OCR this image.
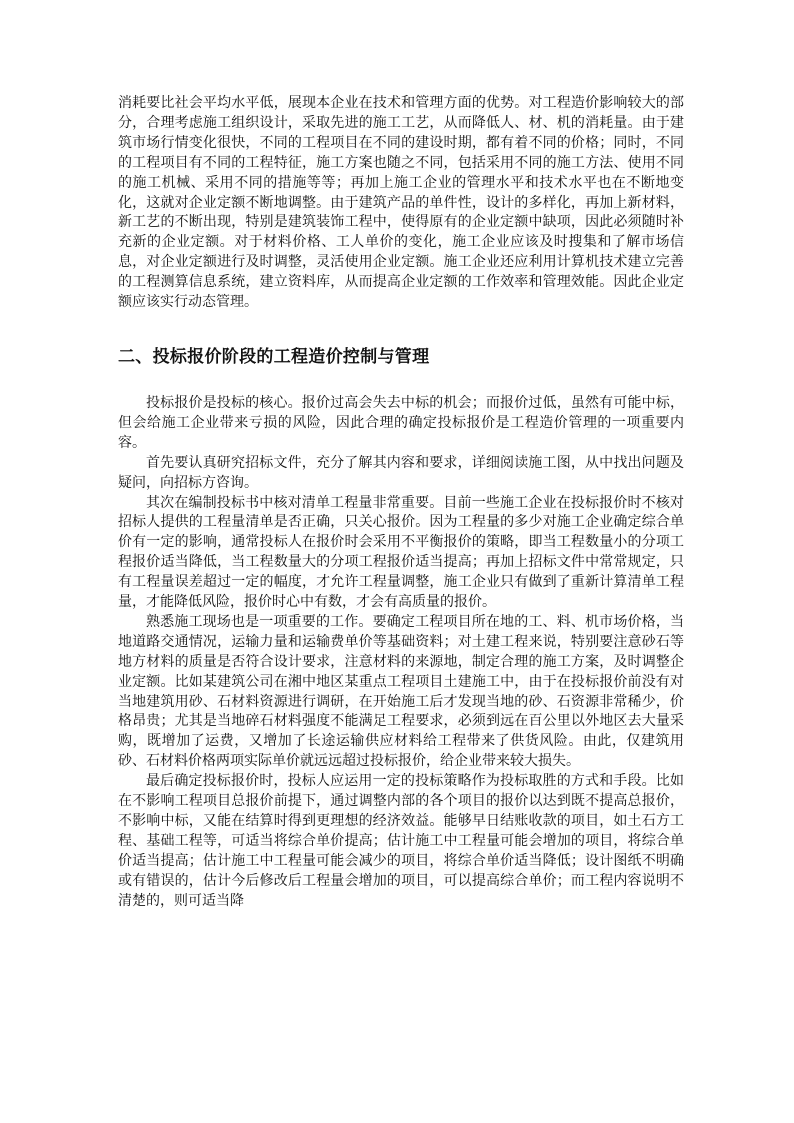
消耗要比社会平均水平低，展现本企业在技术和管理方面的优势。对工程造价影响较大的部分，合理考虑施工组织设计，采取先进的施工工艺，从而降低人、材、机的消耗量。由于建筑市场行情变化很快，不同的工程项目在不同的建设时期，都有着不同的价格；同时，不同的工程项目有不同的工程特征，施工方案也随之不同，包括采用不同的施工方法、使用不同的施工机械、采用不同的措施等等；再加上施工企业的管理水平和技术水平也在不断地变化，这就对企业定额不断地调整。由于建筑产品的单件性，设计的多样化，再加上新材料，新工艺的不断出现，特别是建筑装饰工程中，使得原有的企业定额中缺项，因此必须随时补充新的企业定额。对于材料价格、工人单价的变化，施工企业应该及时搜集和了解市场信息，对企业定额进行及时调整，灵活使用企业定额。施工企业还应利用计算机技术建立完善的工程测算信息系统，建立资料库，从而提高企业定额的工作效率和管理效能。因此企业定额应该实行动态管理。

二、投标报价阶段的工程造价控制与管理

投标报价是投标的核心。报价过高会失去中标的机会；而报价过低，虽然有可能中标，但会给施工企业带来亏损的风险，因此合理的确定投标报价是工程造价管理的一项重要内容。

首先要认真研究招标文件，充分了解其内容和要求，详细阅读施工图，从中找出问题及疑问，向招标方咨询。

其次在编制投标书中核对清单工程量非常重要。目前一些施工企业在投标报价时不核对招标人提供的工程量清单是否正确，只关心报价。因为工程量的多少对施工企业确定综合单价有一定的影响，通常投标人在报价时会采用不平衡报价的策略，即当工程数量小的分项工程报价适当降低，当工程数量大的分项工程报价适当提高；再加上招标文件中常常规定，只有工程量误差超过一定的幅度，才允许工程量调整，施工企业只有做到了重新计算清单工程量，才能降低风险，报价时心中有数，才会有高质量的报价。

熟悉施工现场也是一项重要的工作。要确定工程项目所在地的工、料、机市场价格，当地道路交通情况，运输力量和运输费单价等基础资料；对土建工程来说，特别要注意砂石等地方材料的质量是否符合设计要求，注意材料的来源地，制定合理的施工方案，及时调整企业定额。比如某建筑公司在湘中地区某重点工程项目土建施工中，由于在投标报价前没有对当地建筑用砂、石材料资源进行调研，在开始施工后才发现当地的砂、石资源非常稀少，价格昂贵；尤其是当地碎石材料强度不能满足工程要求，必须到远在百公里以外地区去大量采购，既增加了运费，又增加了长途运输供应材料给工程带来了供货风险。由此，仅建筑用砂、石材料价格两项实际单价就远远超过投标报价，给企业带来较大损失。

最后确定投标报价时，投标人应运用一定的投标策略作为投标取胜的方式和手段。比如在不影响工程项目总报价前提下，通过调整内部的各个项目的报价以达到既不提高总报价，不影响中标，又能在结算时得到更理想的经济效益。能够早日结账收款的项目，如土石方工程、基础工程等，可适当将综合单价提高；估计施工中工程量可能会增加的项目，将综合单价适当提高；估计施工中工程量可能会减少的项目，将综合单价适当降低；设计图纸不明确或有错误的，估计今后修改后工程量会增加的项目，可以提高综合单价；而工程内容说明不清楚的，则可适当降
